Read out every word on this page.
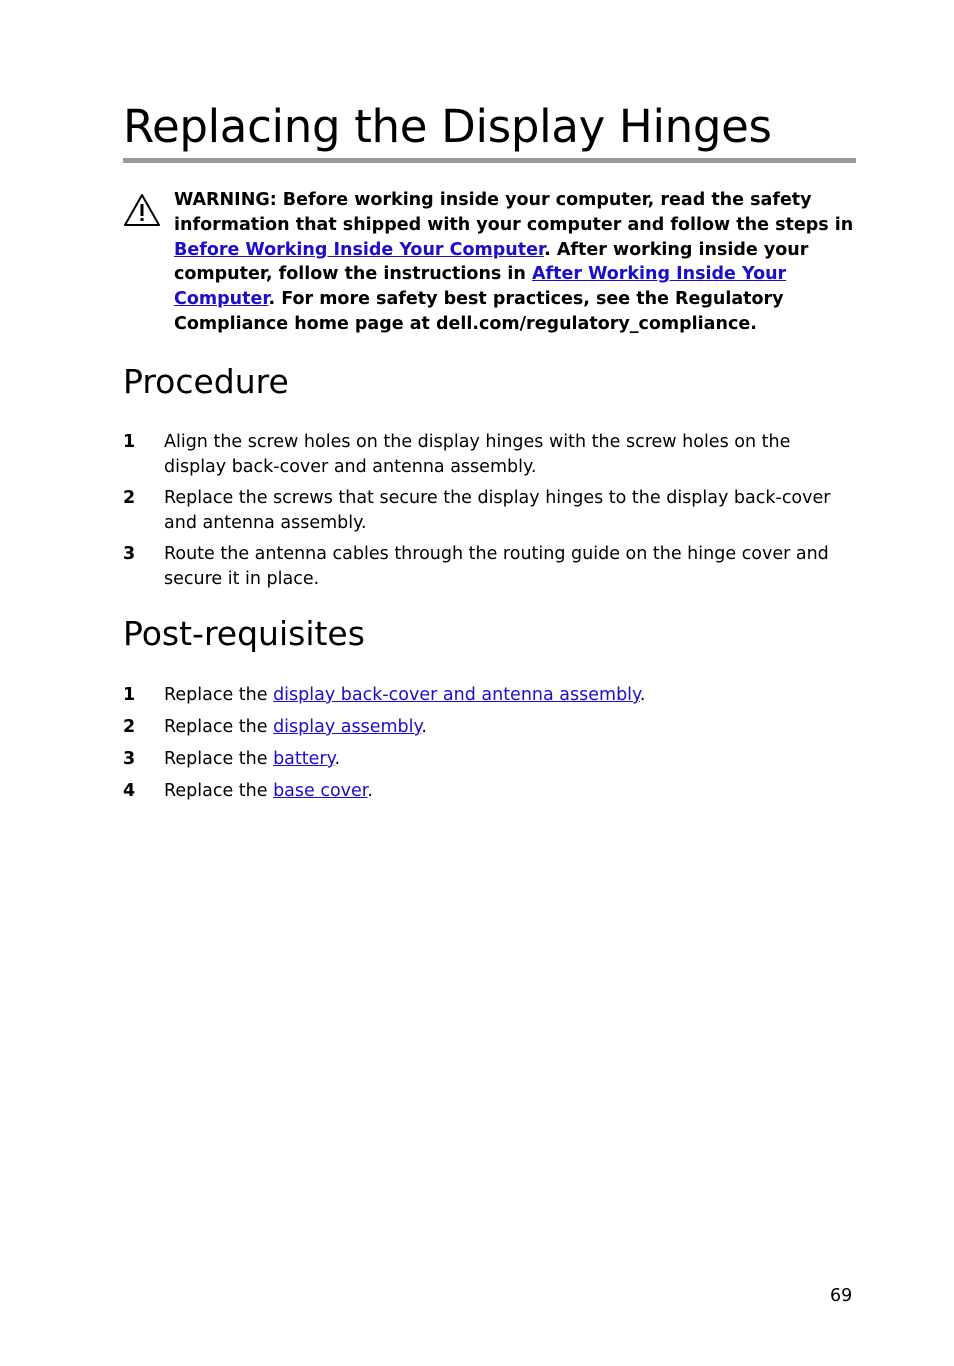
Replacing the Display Hinges
WARNING: Before working inside your computer, read the safety information that shipped with your computer and follow the steps in Before Working Inside Your Computer. After working inside your computer, follow the instructions in After Working Inside Your Computer. For more safety best practices, see the Regulatory Compliance home page at dell.com/regulatory_compliance.
Procedure
1 Align the screw holes on the display hinges with the screw holes on the display back-cover and antenna assembly.
2 Replace the screws that secure the display hinges to the display back-cover and antenna assembly.
3 Route the antenna cables through the routing guide on the hinge cover and secure it in place.
Post-requisites
1 Replace the display back-cover and antenna assembly.
2 Replace the display assembly.
3 Replace the battery.
4 Replace the base cover.
69
